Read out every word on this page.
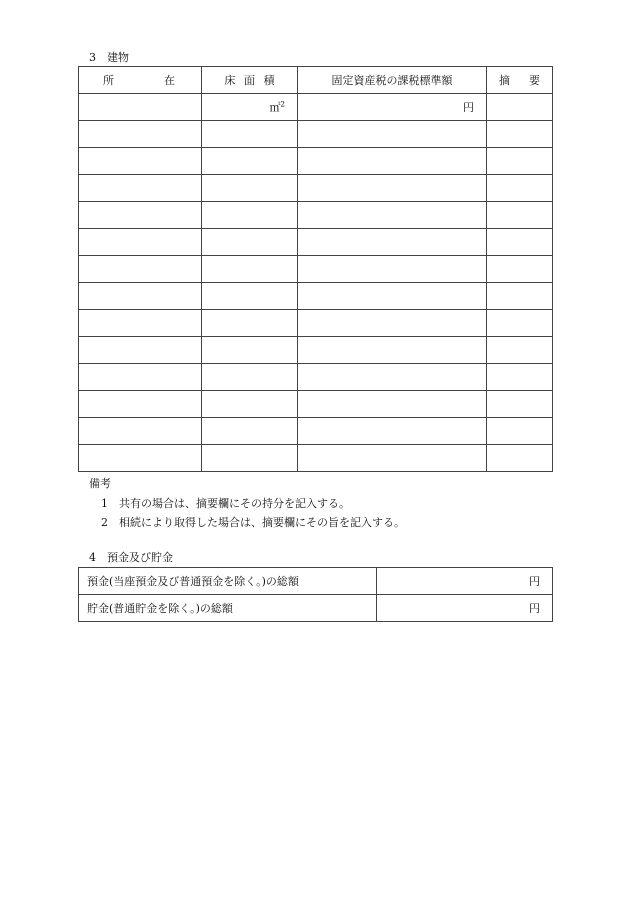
3　建物
所 在	床 面 積	固定資産税の課税標準額	摘 要

	㎡$^2$	円	

備考
1　共有の場合は、摘要欄にその持分を記入する。
2　相続により取得した場合は、摘要欄にその旨を記入する。
4　預金及び貯金
預金(当座預金及び普通預金を除く。)の総額	円
貯金(普通貯金を除く。)の総額	円
